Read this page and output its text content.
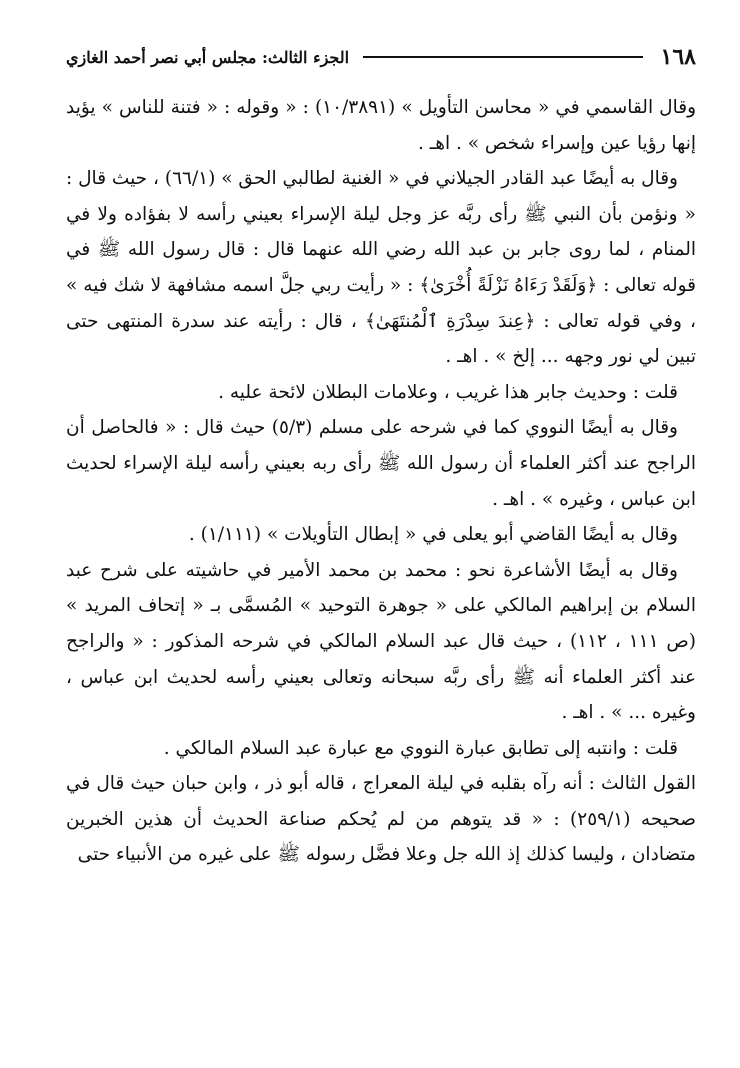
١٦٨
الجزء الثالث: مجلس أبي نصر أحمد الغازي

وقال القاسمي في « محاسن التأويل » (١٠/٣٨٩١) : « وقوله : « فتنة للناس » يؤيد إنها رؤيا عين وإسراء شخص » . اهـ .

وقال به أيضًا عبد القادر الجيلاني في « الغنية لطالبي الحق » (٦٦/١) ، حيث قال : « ونؤمن بأن النبي ﷺ رأى ربَّه عز وجل ليلة الإسراء بعيني رأسه لا بفؤاده ولا في المنام ، لما روى جابر بن عبد الله رضي الله عنهما قال : قال رسول الله ﷺ في قوله تعالى : ﴿وَلَقَدْ رَءَاهُ نَزْلَةً أُخْرَىٰ﴾ : « رأيت ربي جلَّ اسمه مشافهة لا شك فيه » ، وفي قوله تعالى : ﴿عِندَ سِدْرَةِ ٱلْمُنتَهَىٰ﴾ ، قال : رأيته عند سدرة المنتهى حتى تبين لي نور وجهه ... إلخ » . اهـ .

قلت : وحديث جابر هذا غريب ، وعلامات البطلان لائحة عليه .

وقال به أيضًا النووي كما في شرحه على مسلم (٥/٣) حيث قال : « فالحاصل أن الراجح عند أكثر العلماء أن رسول الله ﷺ رأى ربه بعيني رأسه ليلة الإسراء لحديث ابن عباس ، وغيره » . اهـ .

وقال به أيضًا القاضي أبو يعلى في « إبطال التأويلات » (١/١١١) .

وقال به أيضًا الأشاعرة نحو : محمد بن محمد الأمير في حاشيته على شرح عبد السلام بن إبراهيم المالكي على « جوهرة التوحيد » المُسمَّى بـ « إتحاف المريد » (ص ١١١ ، ١١٢) ، حيث قال عبد السلام المالكي في شرحه المذكور : « والراجح عند أكثر العلماء أنه ﷺ رأى ربَّه سبحانه وتعالى بعيني رأسه لحديث ابن عباس ، وغيره ... » . اهـ .

قلت : وانتبه إلى تطابق عبارة النووي مع عبارة عبد السلام المالكي .

القول الثالث : أنه رآه بقلبه في ليلة المعراج ، قاله أبو ذر ، وابن حبان حيث قال في صحيحه (٢٥٩/١) : « قد يتوهم من لم يُحكم صناعة الحديث أن هذين الخبرين متضادان ، وليسا كذلك إذ الله جل وعلا فضَّل رسوله ﷺ على غيره من الأنبياء حتى
